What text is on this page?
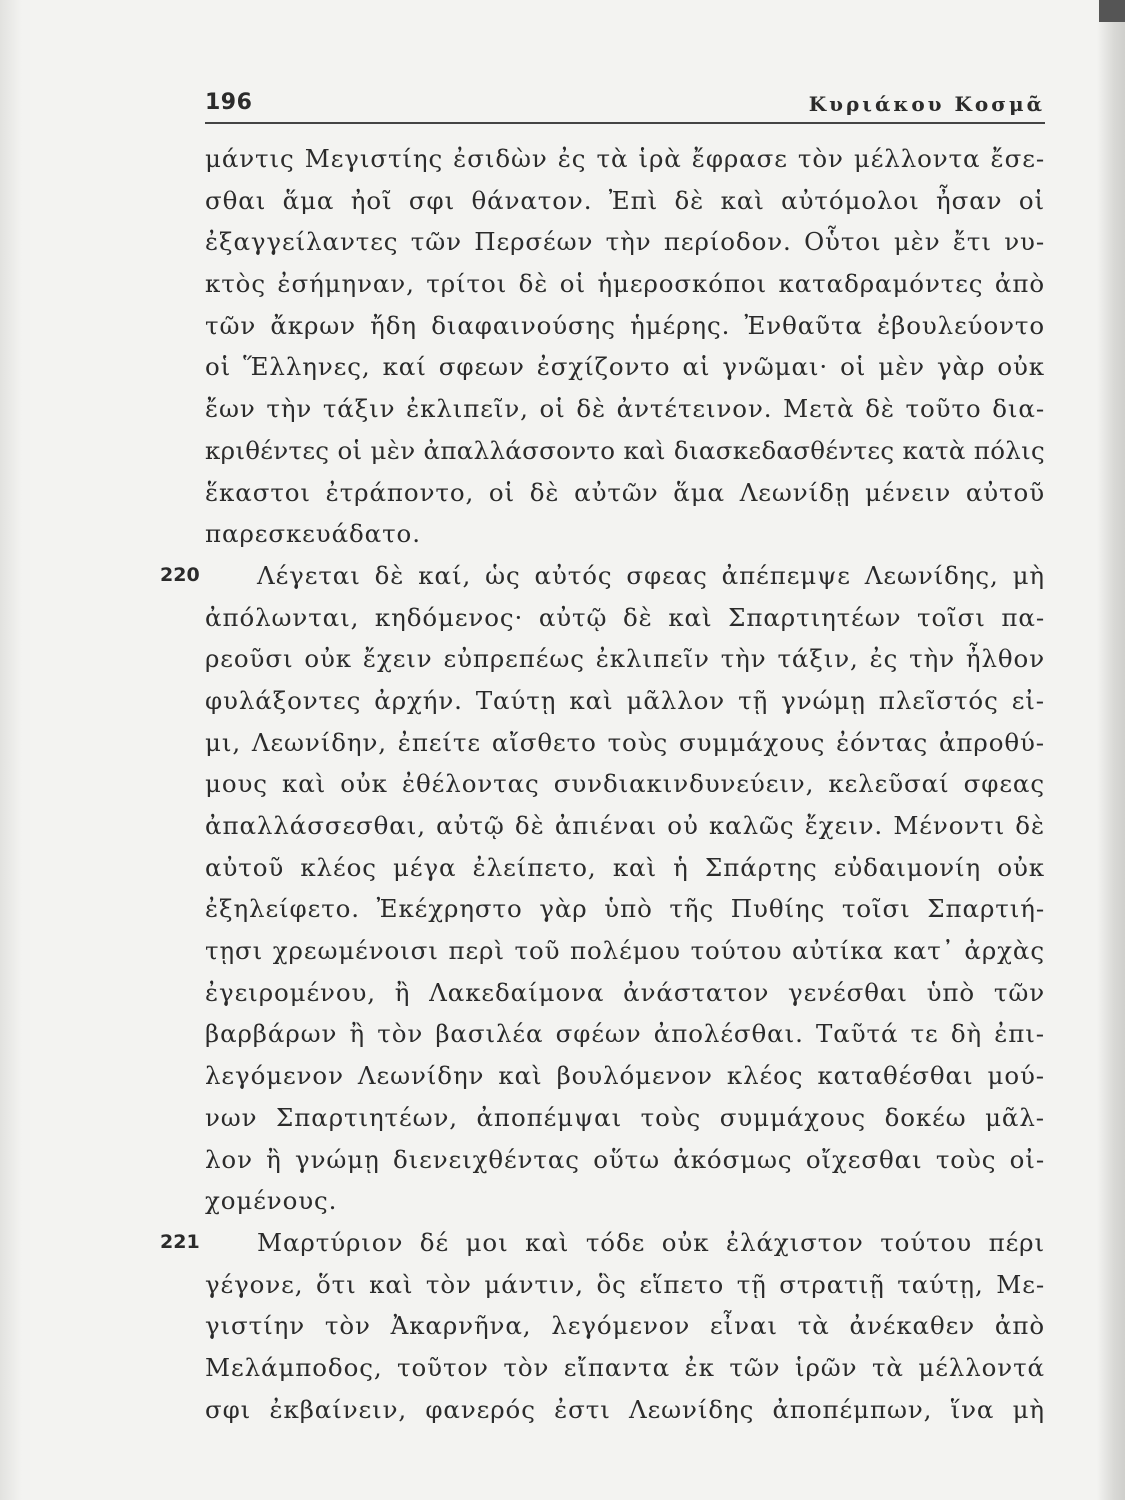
196	Κυριάκου Κοσμᾶ
μάντις Μεγιστίης ἐσιδὼν ἐς τὰ ἱρὰ ἔφρασε τὸν μέλλοντα ἔσε-
σθαι ἅμα ἠοῖ σφι θάνατον. Ἐπὶ δὲ καὶ αὐτόμολοι ἦσαν οἱ
ἐξαγγείλαντες τῶν Περσέων τὴν περίοδον. Οὗτοι μὲν ἔτι νυ-
κτὸς ἐσήμηναν, τρίτοι δὲ οἱ ἡμεροσκόποι καταδραμόντες ἀπὸ
τῶν ἄκρων ἤδη διαφαινούσης ἡμέρης. Ἐνθαῦτα ἐβουλεύοντο
οἱ Ἕλληνες, καί σφεων ἐσχίζοντο αἱ γνῶμαι· οἱ μὲν γὰρ οὐκ
ἔων τὴν τάξιν ἐκλιπεῖν, οἱ δὲ ἀντέτεινον. Μετὰ δὲ τοῦτο δια-
κριθέντες οἱ μὲν ἀπαλλάσσοντο καὶ διασκεδασθέντες κατὰ πόλις
ἕκαστοι ἐτράποντο, οἱ δὲ αὐτῶν ἅμα Λεωνίδῃ μένειν αὐτοῦ
παρεσκευάδατο.
220 Λέγεται δὲ καί, ὡς αὐτός σφεας ἀπέπεμψε Λεωνίδης, μὴ
ἀπόλωνται, κηδόμενος· αὐτῷ δὲ καὶ Σπαρτιητέων τοῖσι πα-
ρεοῦσι οὐκ ἔχειν εὐπρεπέως ἐκλιπεῖν τὴν τάξιν, ἐς τὴν ἦλθον
φυλάξοντες ἀρχήν. Ταύτῃ καὶ μᾶλλον τῇ γνώμῃ πλεῖστός εἰ-
μι, Λεωνίδην, ἐπείτε αἴσθετο τοὺς συμμάχους ἐόντας ἀπροθύ-
μους καὶ οὐκ ἐθέλοντας συνδιακινδυνεύειν, κελεῦσαί σφεας
ἀπαλλάσσεσθαι, αὐτῷ δὲ ἀπιέναι οὐ καλῶς ἔχειν. Μένοντι δὲ
αὐτοῦ κλέος μέγα ἐλείπετο, καὶ ἡ Σπάρτης εὐδαιμονίη οὐκ
ἐξηλείφετο. Ἐκέχρηστο γὰρ ὑπὸ τῆς Πυθίης τοῖσι Σπαρτιή-
τῃσι χρεωμένοισι περὶ τοῦ πολέμου τούτου αὐτίκα κατ᾽ ἀρχὰς
ἐγειρομένου, ἢ Λακεδαίμονα ἀνάστατον γενέσθαι ὑπὸ τῶν
βαρβάρων ἢ τὸν βασιλέα σφέων ἀπολέσθαι. Ταῦτά τε δὴ ἐπι-
λεγόμενον Λεωνίδην καὶ βουλόμενον κλέος καταθέσθαι μού-
νων Σπαρτιητέων, ἀποπέμψαι τοὺς συμμάχους δοκέω μᾶλ-
λον ἢ γνώμῃ διενειχθέντας οὕτω ἀκόσμως οἴχεσθαι τοὺς οἰ-
χομένους.
221 Μαρτύριον δέ μοι καὶ τόδε οὐκ ἐλάχιστον τούτου πέρι
γέγονε, ὅτι καὶ τὸν μάντιν, ὃς εἵπετο τῇ στρατιῇ ταύτῃ, Με-
γιστίην τὸν Ἀκαρνῆνα, λεγόμενον εἶναι τὰ ἀνέκαθεν ἀπὸ
Μελάμποδος, τοῦτον τὸν εἴπαντα ἐκ τῶν ἱρῶν τὰ μέλλοντά
σφι ἐκβαίνειν, φανερός ἐστι Λεωνίδης ἀποπέμπων, ἵνα μὴ
